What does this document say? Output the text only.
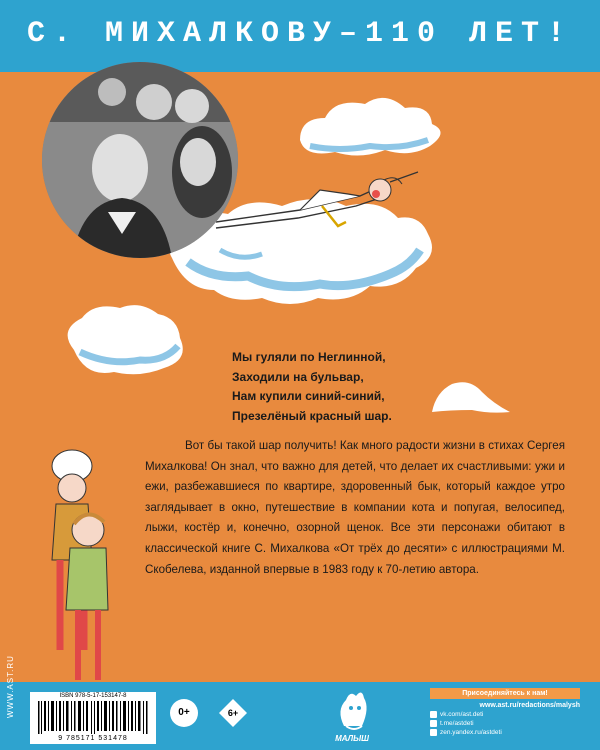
С. МИХАЛКОВУ–110 ЛЕТ!
Мы гуляли по Неглинной,
Заходили на бульвар,
Нам купили синий-синий,
Презелёный красный шар.
Вот бы такой шар получить! Как много радости жизни в стихах Сергея Михалкова! Он знал, что важно для детей, что делает их счастливыми: ужи и ежи, разбежавшиеся по квартире, здоровенный бык, который каждое утро заглядывает в окно, путешествие в компании кота и попугая, велосипед, лыжи, костёр и, конечно, озорной щенок. Все эти персонажи обитают в классической книге С. Михалкова «От трёх до десяти» с иллюстрациями М. Скобелева, изданной впервые в 1983 году к 70-летию автора.
WWW.AST.RU	ISBN 978-5-17-153147-8
9 785171 531478
0+	6+
МАЛЫШ
Присоединяйтесь к нам!
www.ast.ru/redactions/malysh
vk.com/ast.deti
t.me/astdeti
zen.yandex.ru/astdeti
